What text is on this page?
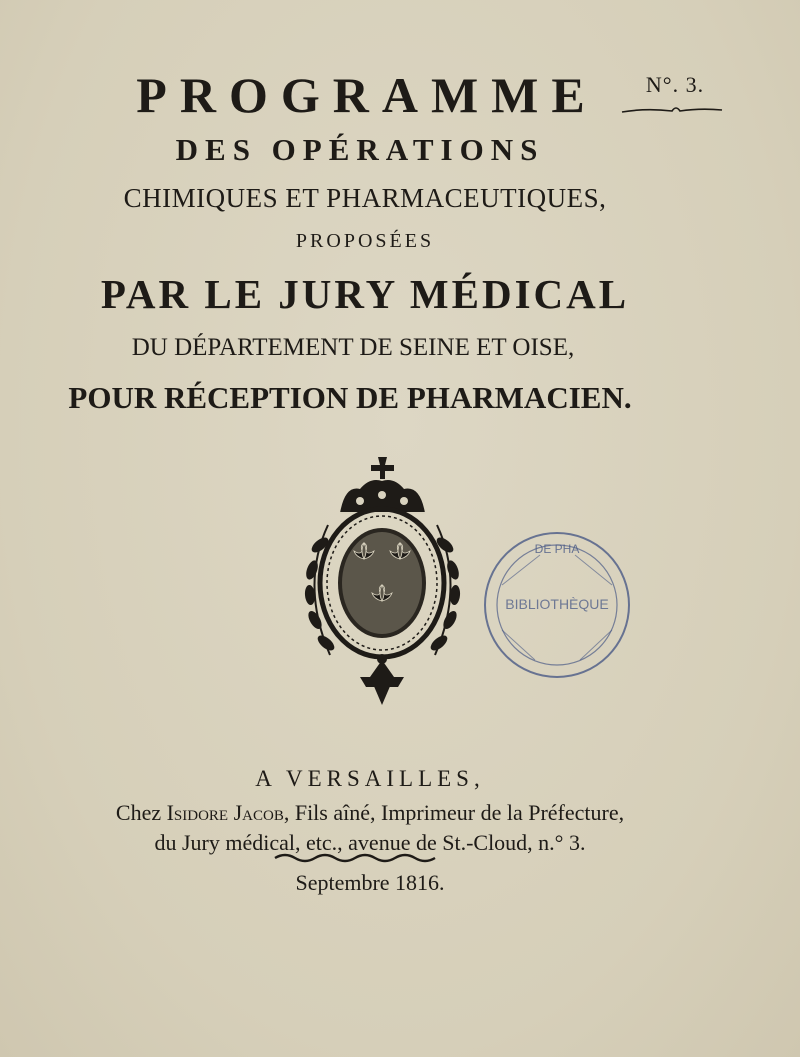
N°. 3.
PROGRAMME
DES OPÉRATIONS
CHIMIQUES ET PHARMACEUTIQUES,
PROPOSÉES
PAR LE JURY MÉDICAL
DU DÉPARTEMENT DE SEINE ET OISE,
POUR RÉCEPTION DE PHARMACIEN.
DE PHA
BIBLIOTHÈQUE
A VERSAILLES,
Chez Isidore Jacob, Fils aîné, Imprimeur de la Préfecture,
du Jury médical, etc., avenue de St.-Cloud, n.° 3.
Septembre 1816.
